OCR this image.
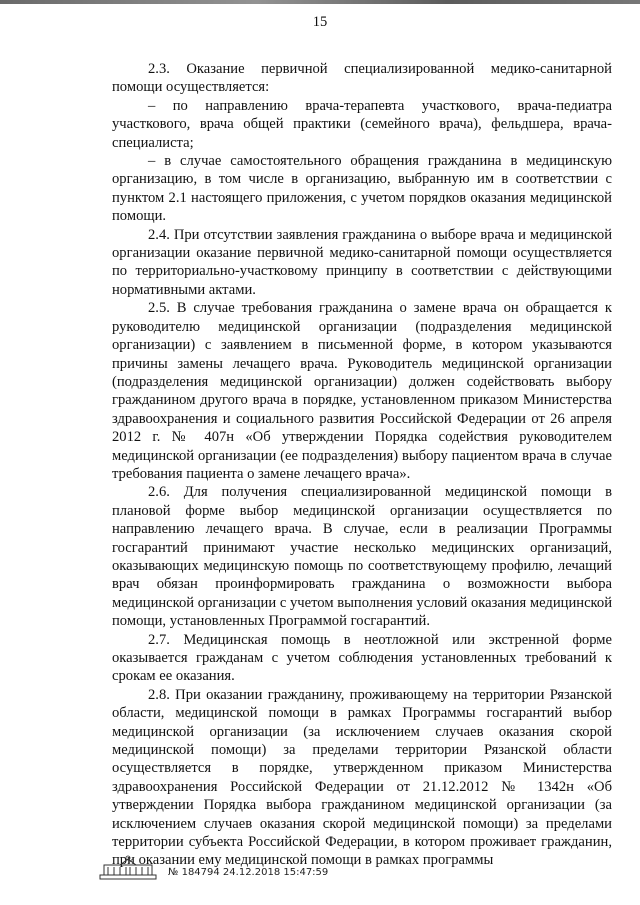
15

2.3. Оказание первичной специализированной медико-санитарной помощи осуществляется:

– по направлению врача-терапевта участкового, врача-педиатра участкового, врача общей практики (семейного врача), фельдшера, врача-специалиста;

– в случае самостоятельного обращения гражданина в медицинскую организацию, в том числе в организацию, выбранную им в соответствии с пунктом 2.1 настоящего приложения, с учетом порядков оказания медицинской помощи.

2.4. При отсутствии заявления гражданина о выборе врача и медицинской организации оказание первичной медико-санитарной помощи осуществляется по территориально-участковому принципу в соответствии с действующими нормативными актами.

2.5. В случае требования гражданина о замене врача он обращается к руководителю медицинской организации (подразделения медицинской организации) с заявлением в письменной форме, в котором указываются причины замены лечащего врача. Руководитель медицинской организации (подразделения медицинской организации) должен содействовать выбору гражданином другого врача в порядке, установленном приказом Министерства здравоохранения и социального развития Российской Федерации от 26 апреля 2012 г. № 407н «Об утверждении Порядка содействия руководителем медицинской организации (ее подразделения) выбору пациентом врача в случае требования пациента о замене лечащего врача».

2.6. Для получения специализированной медицинской помощи в плановой форме выбор медицинской организации осуществляется по направлению лечащего врача. В случае, если в реализации Программы госгарантий принимают участие несколько медицинских организаций, оказывающих медицинскую помощь по соответствующему профилю, лечащий врач обязан проинформировать гражданина о возможности выбора медицинской организации с учетом выполнения условий оказания медицинской помощи, установленных Программой госгарантий.

2.7. Медицинская помощь в неотложной или экстренной форме оказывается гражданам с учетом соблюдения установленных требований к срокам ее оказания.

2.8. При оказании гражданину, проживающему на территории Рязанской области, медицинской помощи в рамках Программы госгарантий выбор медицинской организации (за исключением случаев оказания скорой медицинской помощи) за пределами территории Рязанской области осуществляется в порядке, утвержденном приказом Министерства здравоохранения Российской Федерации от 21.12.2012 № 1342н «Об утверждении Порядка выбора гражданином медицинской организации (за исключением случаев оказания скорой медицинской помощи) за пределами территории субъекта Российской Федерации, в котором проживает гражданин, при оказании ему медицинской помощи в рамках программы

№ 184794 24.12.2018 15:47:59
